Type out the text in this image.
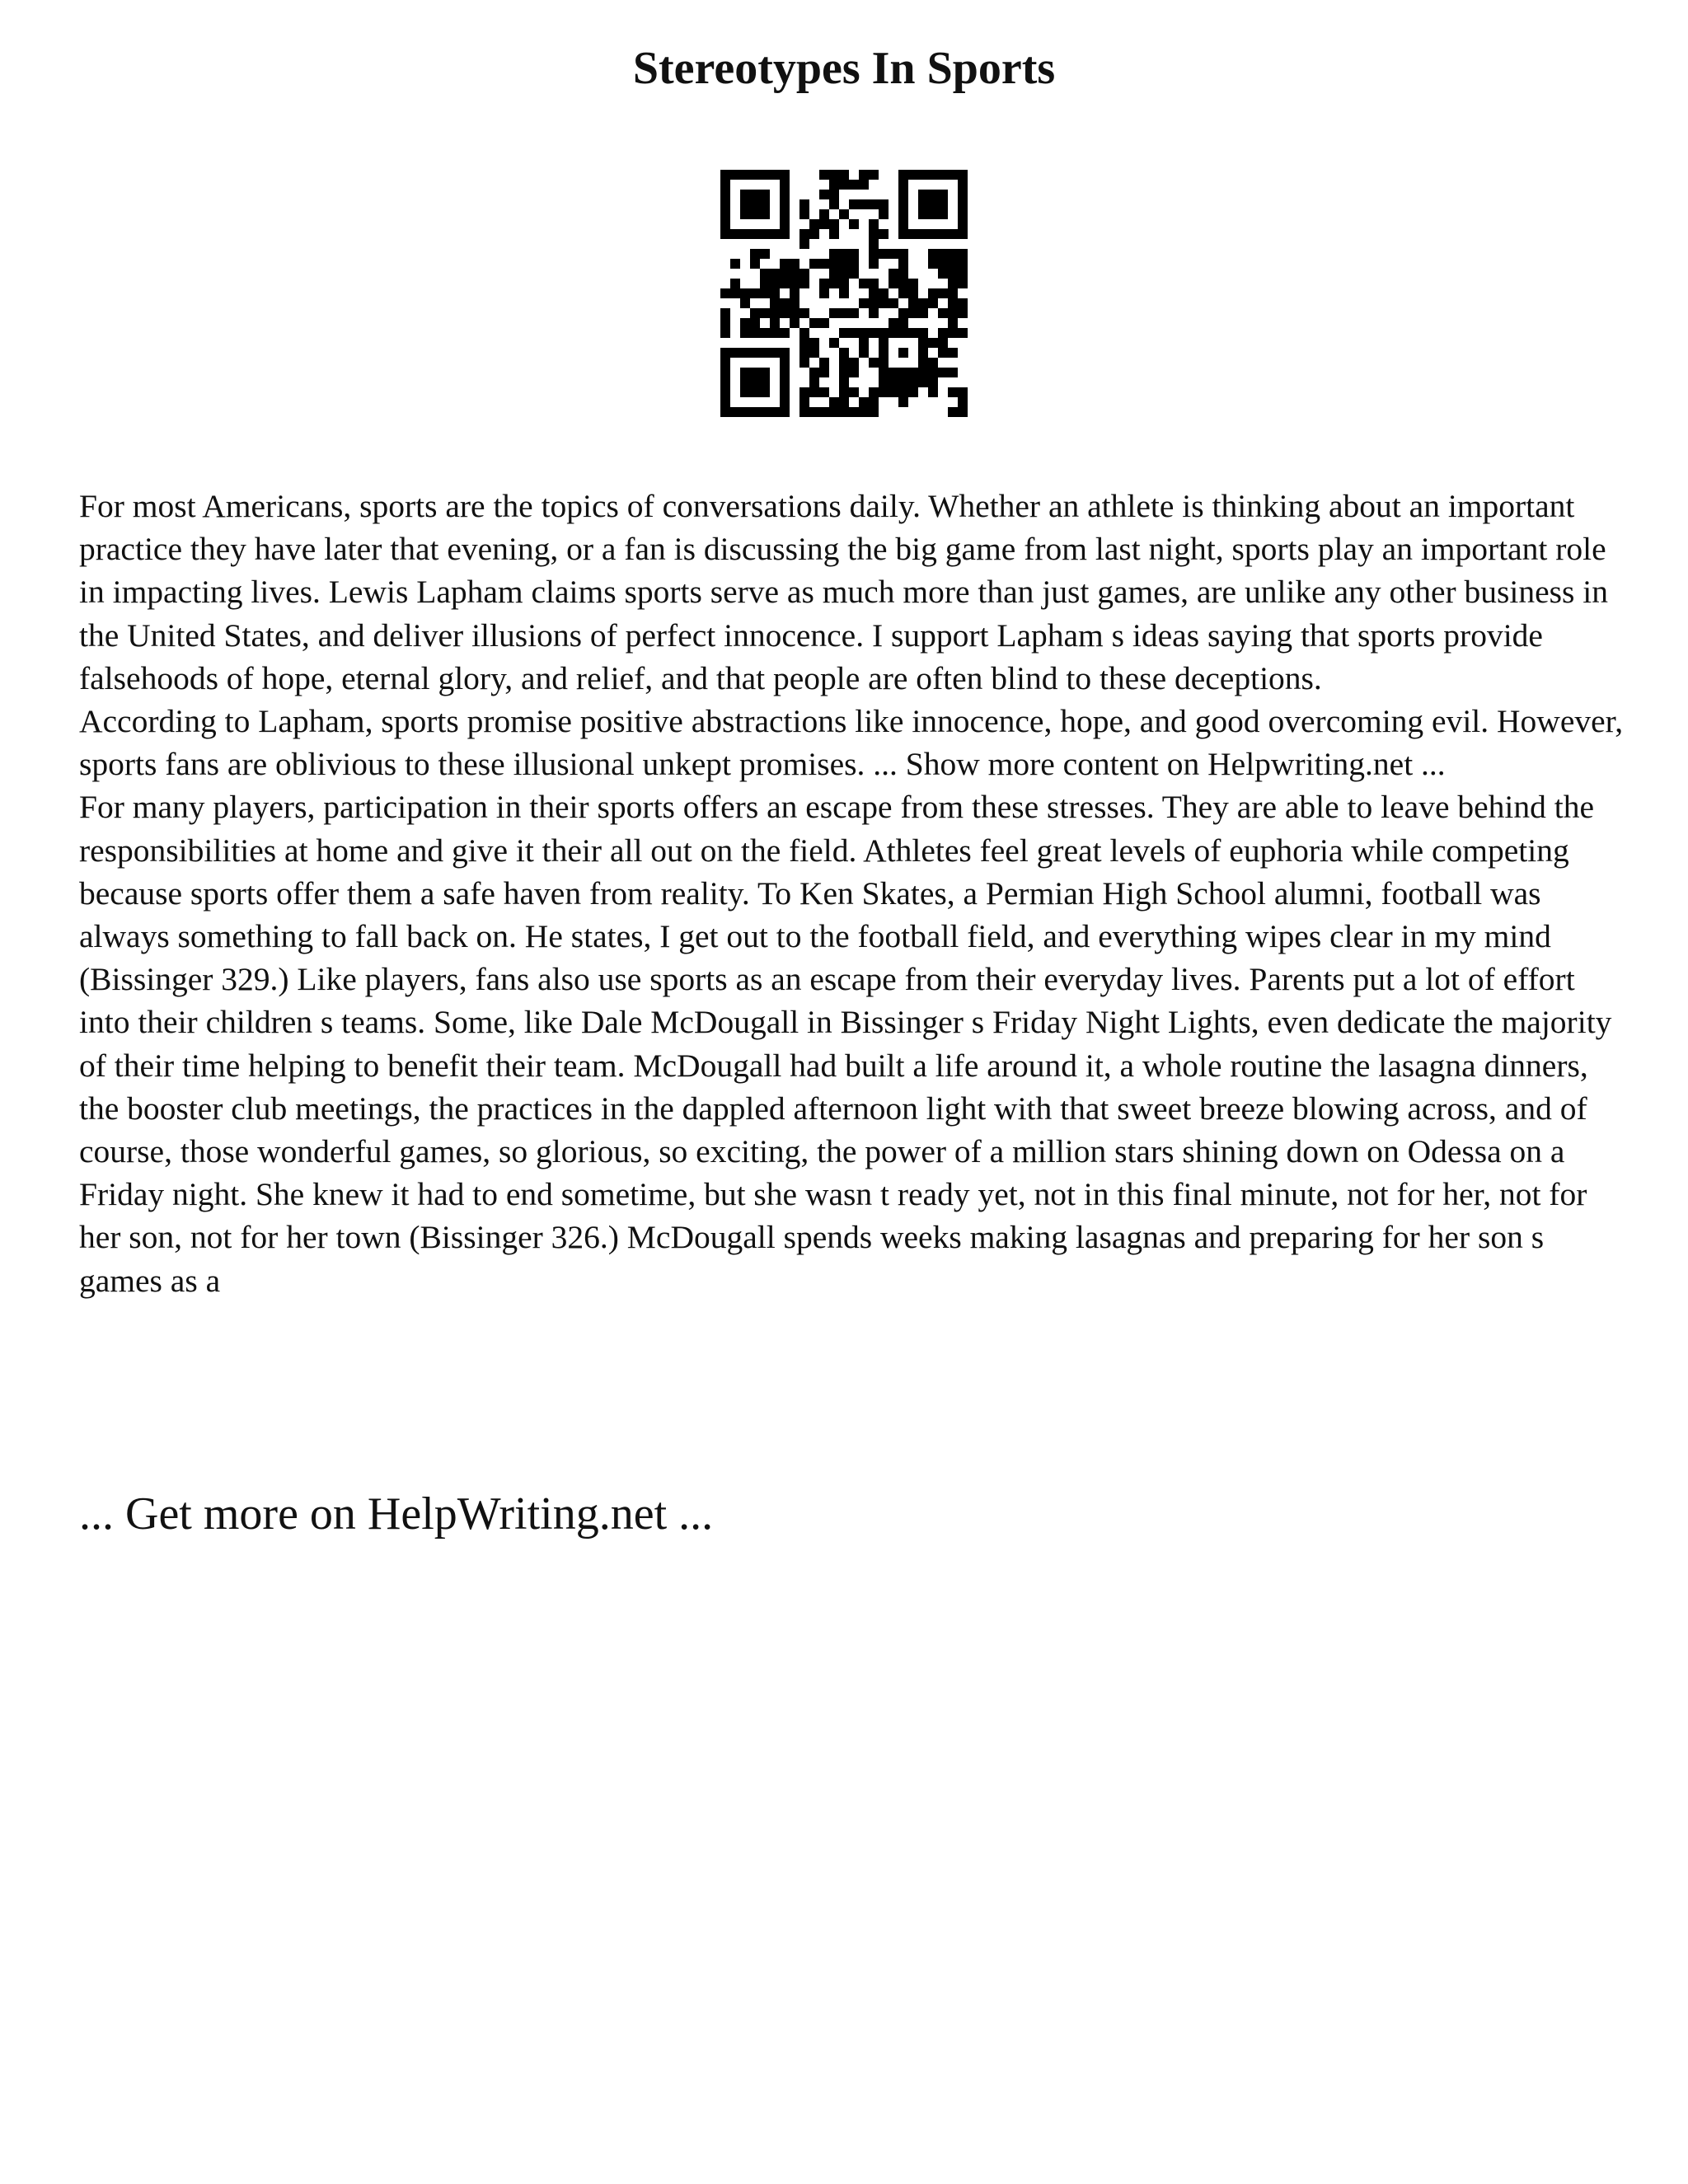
Stereotypes In Sports

For most Americans, sports are the topics of conversations daily. Whether an athlete is thinking about an important practice they have later that evening, or a fan is discussing the big game from last night, sports play an important role in impacting lives. Lewis Lapham claims sports serve as much more than just games, are unlike any other business in the United States, and deliver illusions of perfect innocence. I support Lapham s ideas saying that sports provide falsehoods of hope, eternal glory, and relief, and that people are often blind to these deceptions.

According to Lapham, sports promise positive abstractions like innocence, hope, and good overcoming evil. However, sports fans are oblivious to these illusional unkept promises. ... Show more content on Helpwriting.net ...

For many players, participation in their sports offers an escape from these stresses. They are able to leave behind the responsibilities at home and give it their all out on the field. Athletes feel great levels of euphoria while competing because sports offer them a safe haven from reality. To Ken Skates, a Permian High School alumni, football was always something to fall back on. He states, I get out to the football field, and everything wipes clear in my mind (Bissinger 329.) Like players, fans also use sports as an escape from their everyday lives. Parents put a lot of effort into their children s teams. Some, like Dale McDougall in Bissinger s Friday Night Lights, even dedicate the majority of their time helping to benefit their team. McDougall had built a life around it, a whole routine the lasagna dinners, the booster club meetings, the practices in the dappled afternoon light with that sweet breeze blowing across, and of course, those wonderful games, so glorious, so exciting, the power of a million stars shining down on Odessa on a Friday night. She knew it had to end sometime, but she wasn t ready yet, not in this final minute, not for her, not for her son, not for her town (Bissinger 326.) McDougall spends weeks making lasagnas and preparing for her son s games as a

... Get more on HelpWriting.net ...
